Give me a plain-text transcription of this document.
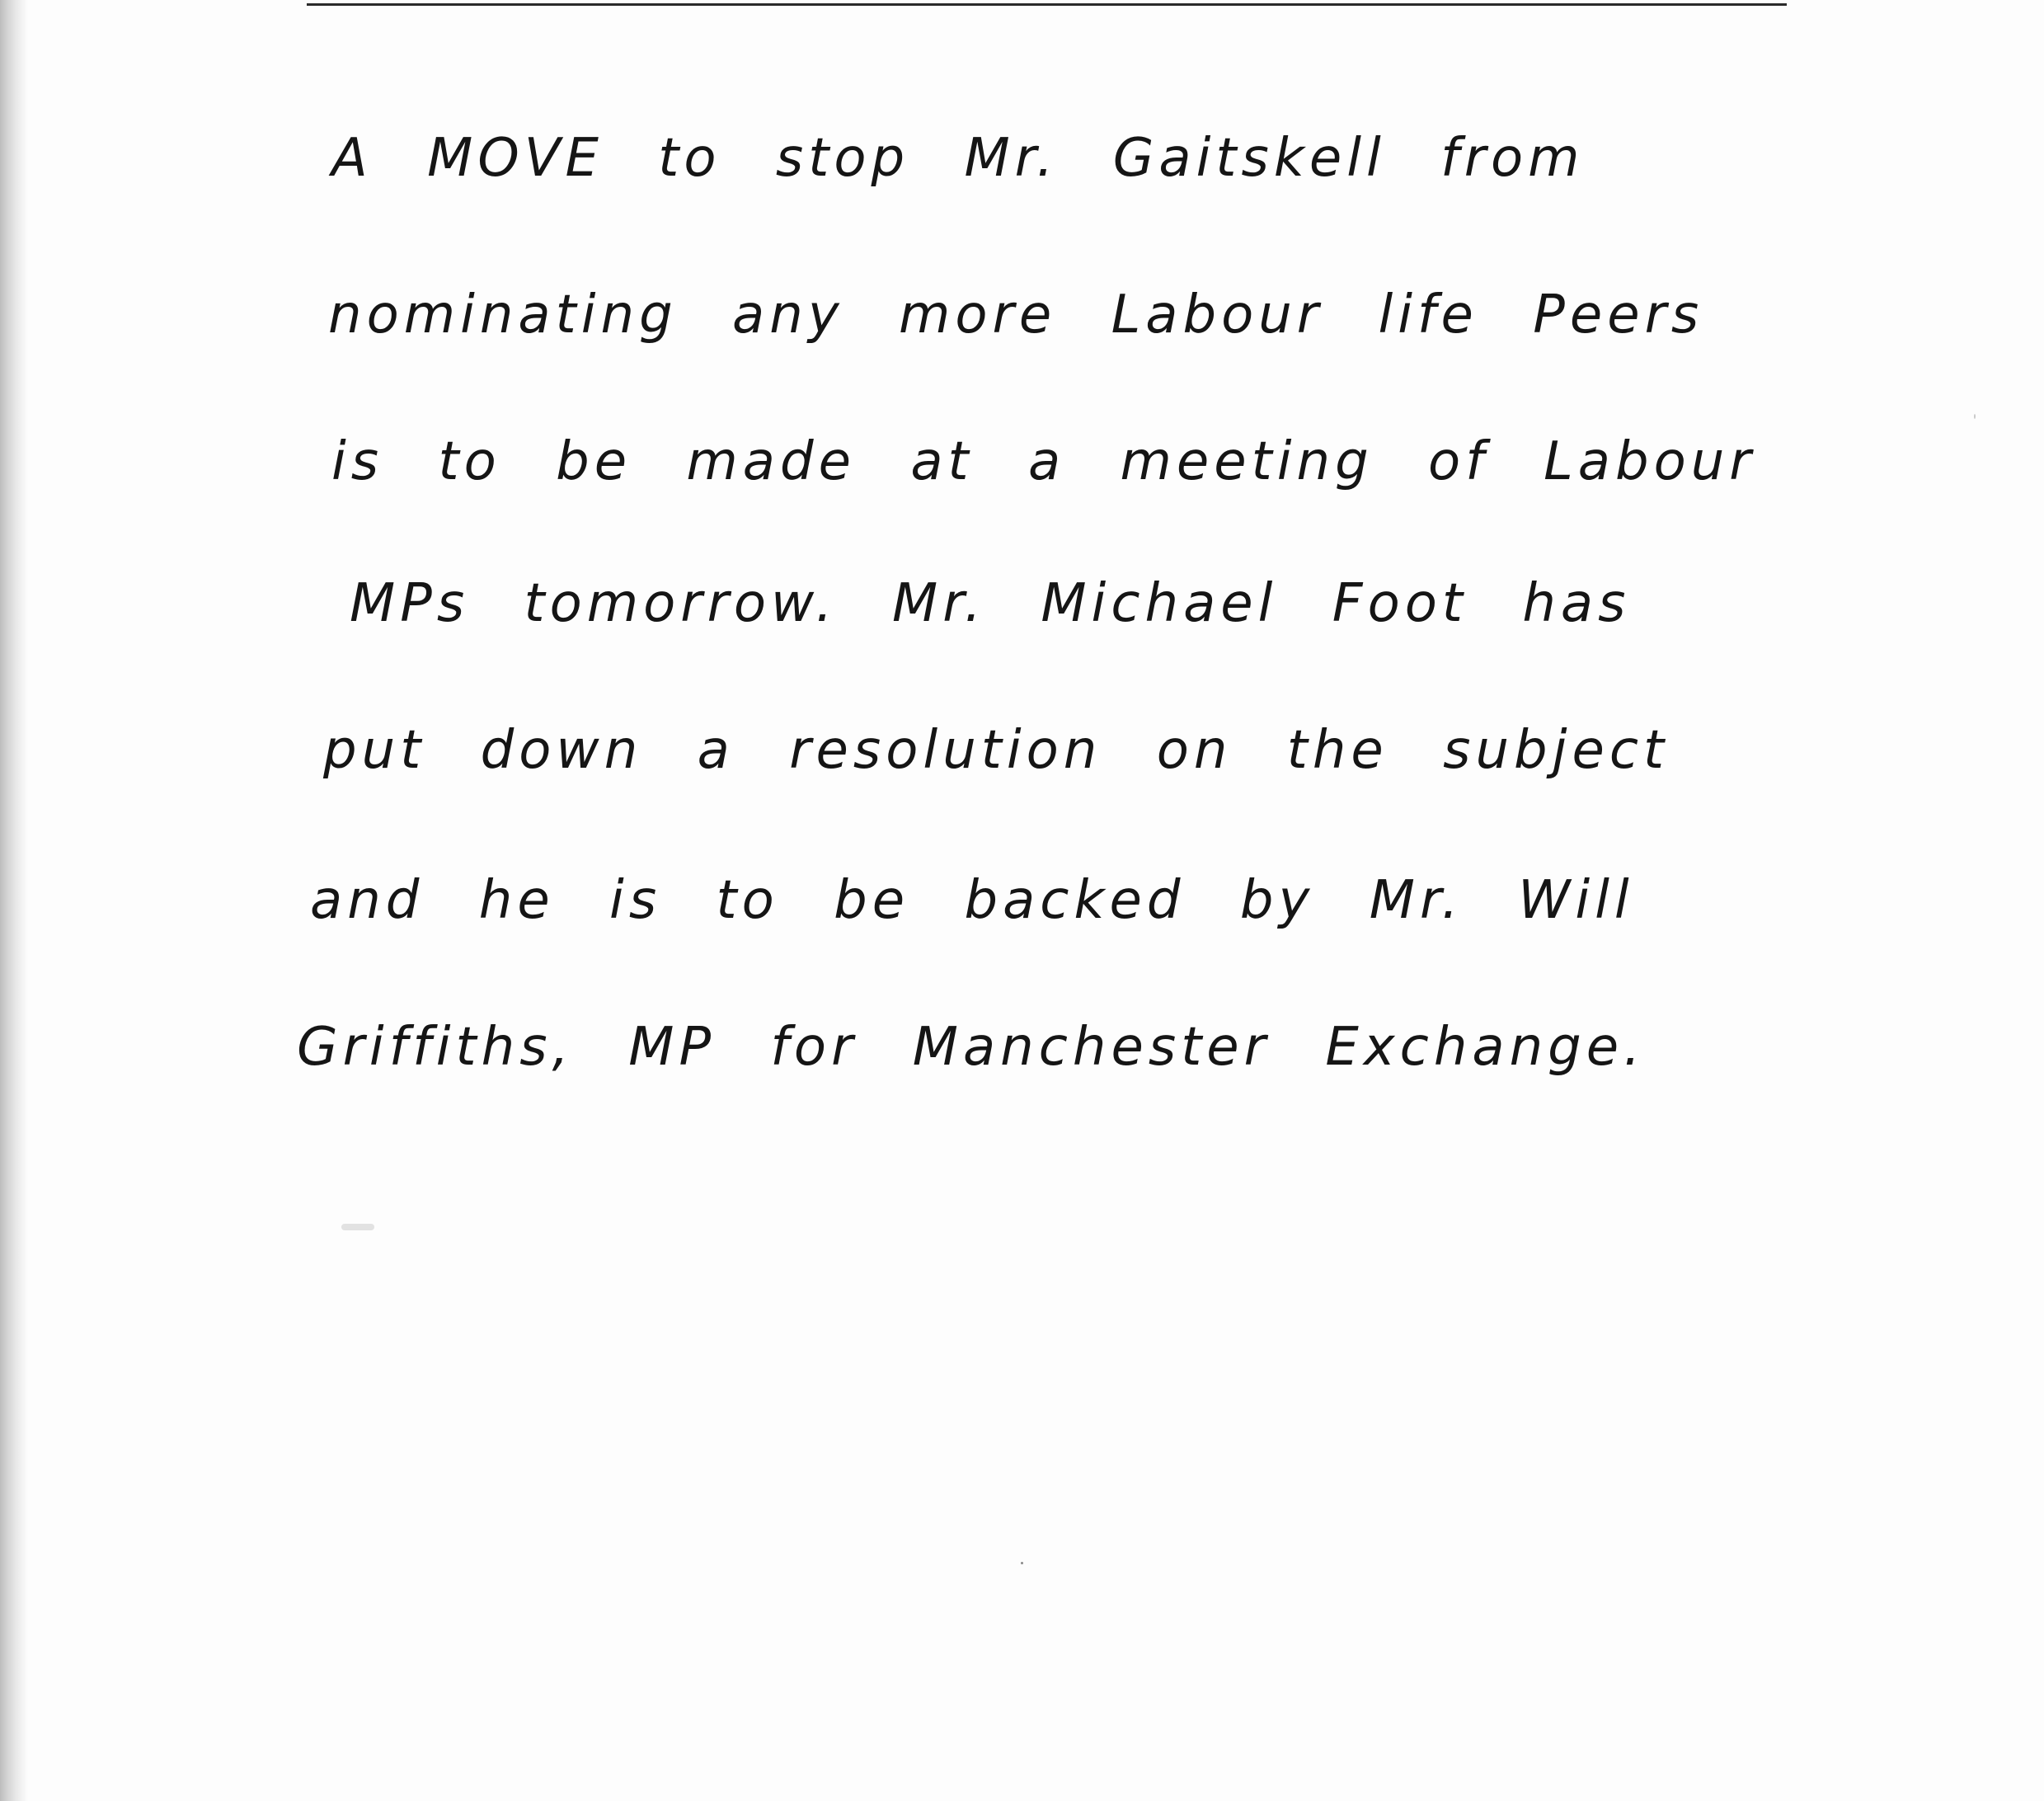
A MOVE to stop Mr. Gaitskell from

nominating any more Labour life Peers

is to be made at a meeting of Labour

MPs tomorrow. Mr. Michael Foot has

put down a resolution on the subject

and he is to be backed by Mr. Will

Griffiths, MP for Manchester Exchange.
